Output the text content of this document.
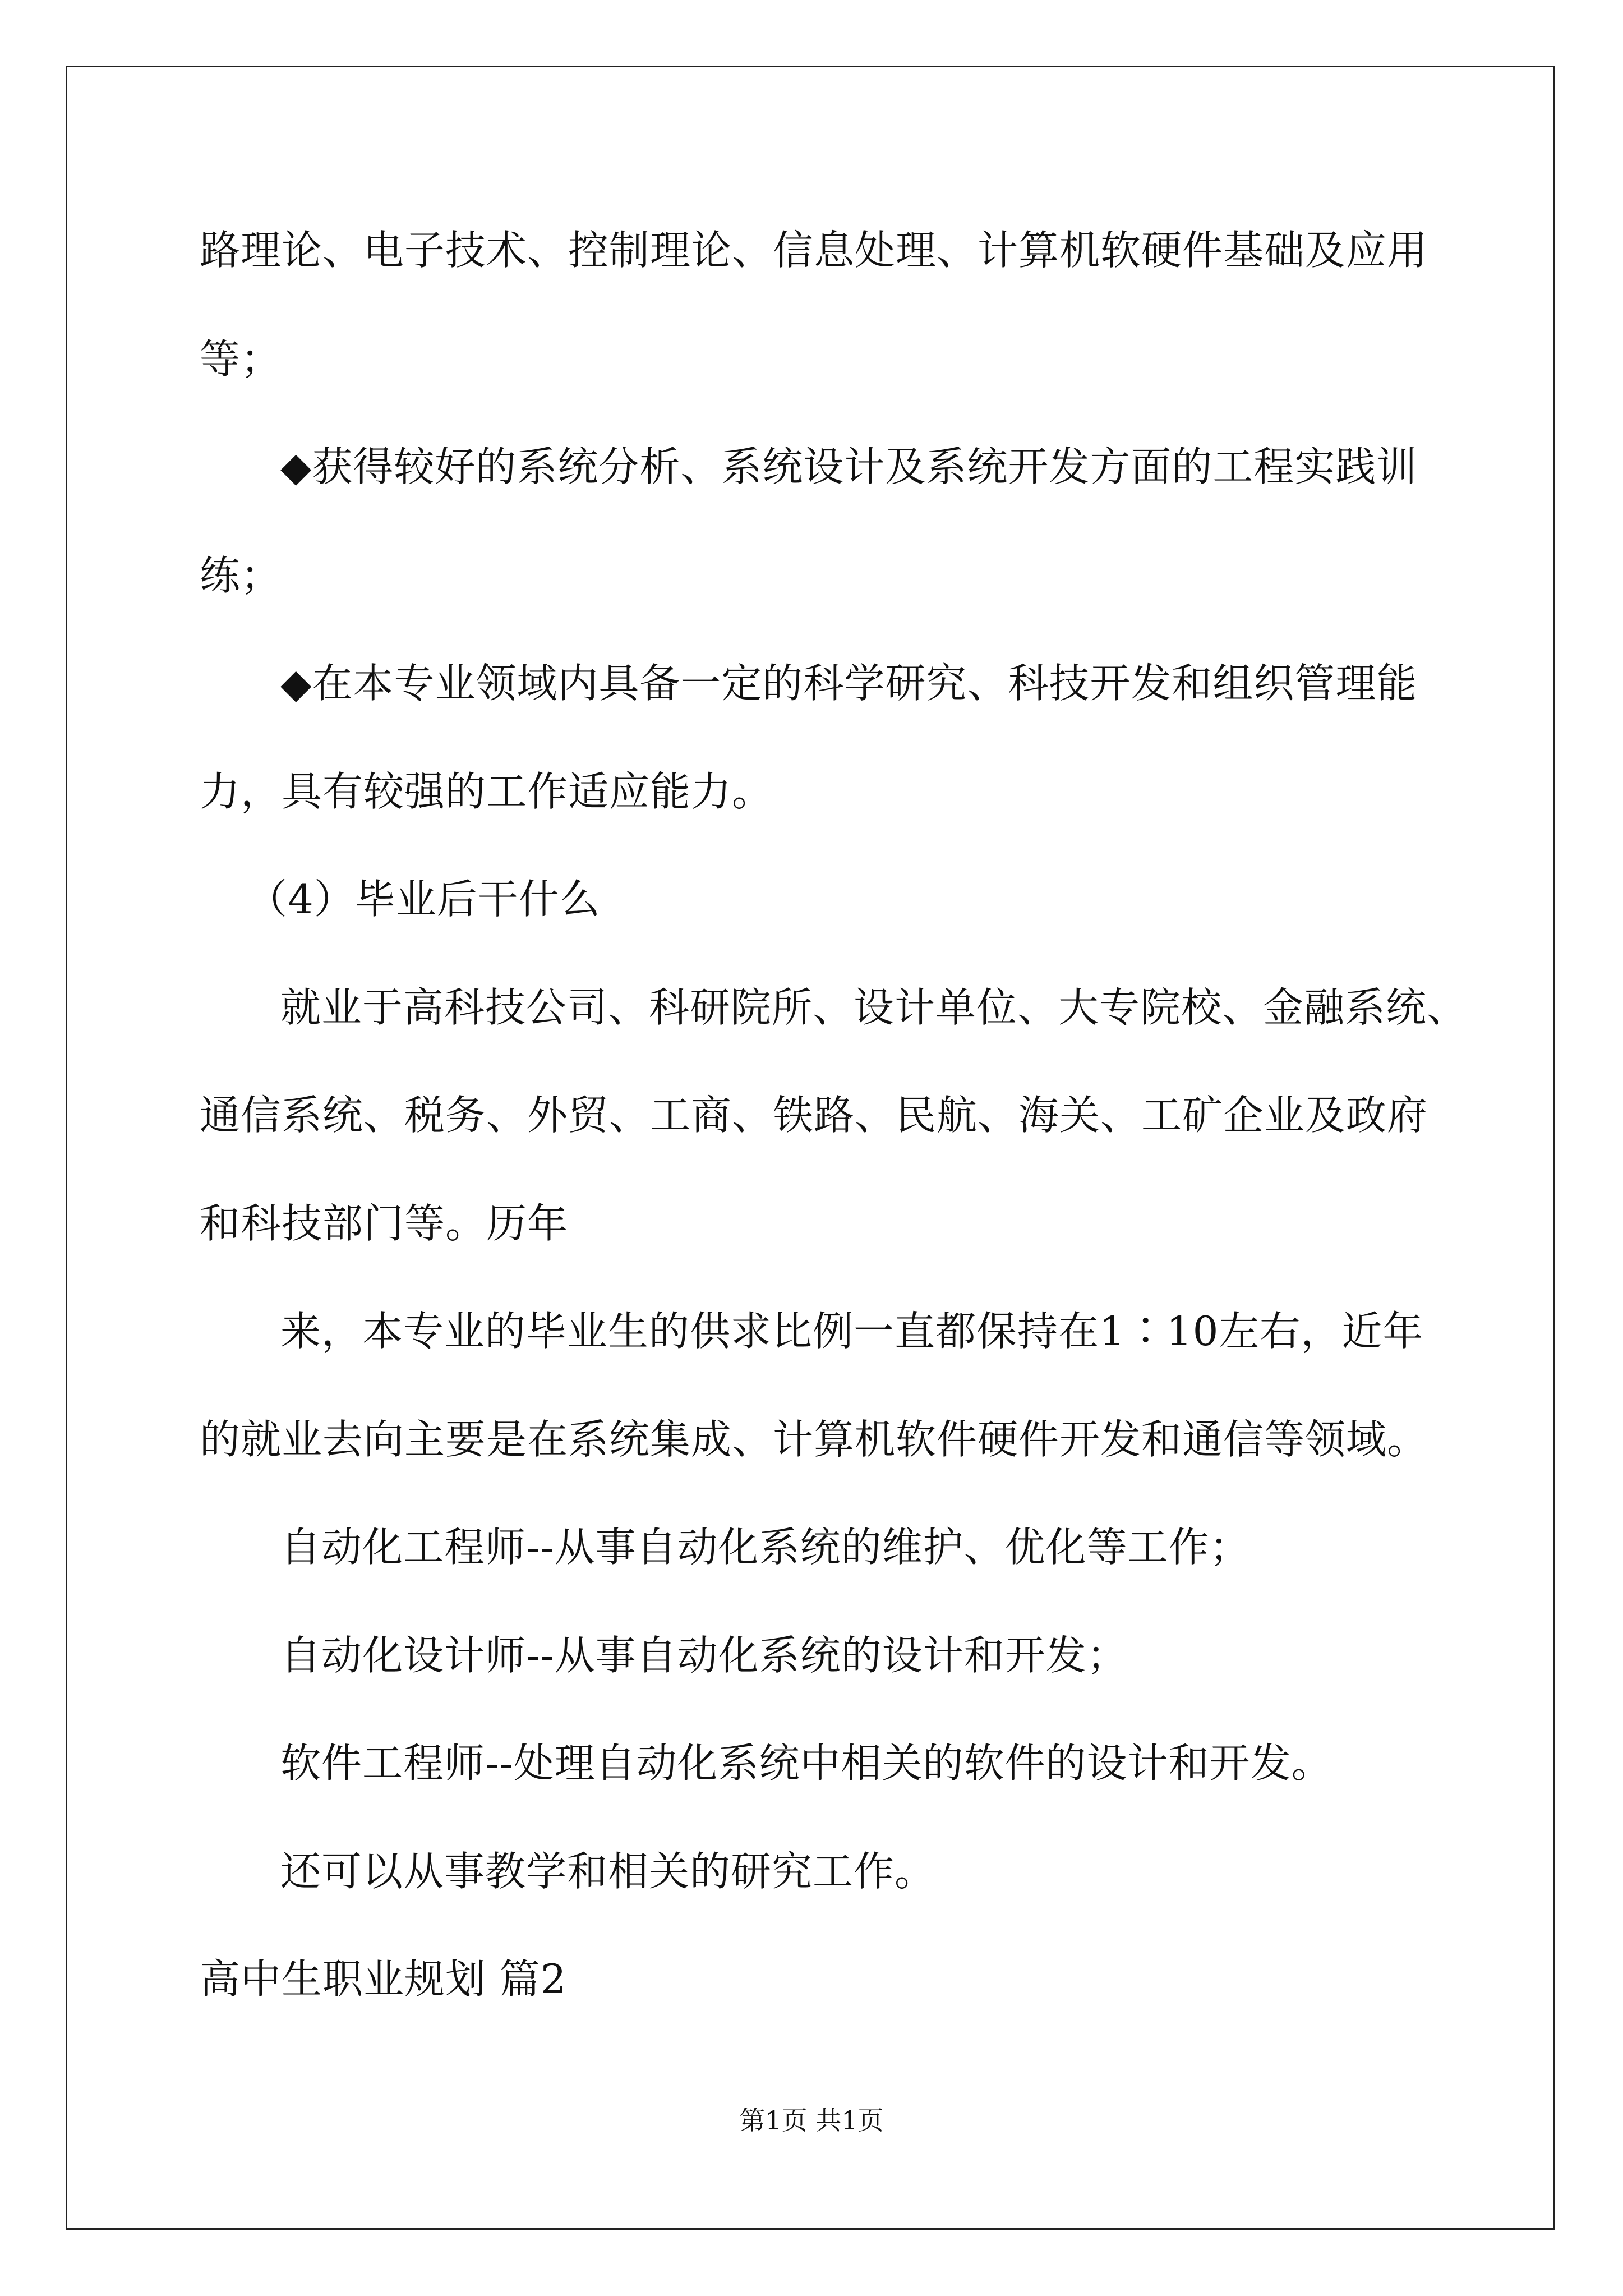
路理论、电子技术、控制理论、信息处理、计算机软硬件基础及应用
等；
◆获得较好的系统分析、系统设计及系统开发方面的工程实践训
练；
◆在本专业领域内具备一定的科学研究、科技开发和组织管理能
力，具有较强的工作适应能力。
（4）毕业后干什么
就业于高科技公司、科研院所、设计单位、大专院校、金融系统、
通信系统、税务、外贸、工商、铁路、民航、海关、工矿企业及政府
和科技部门等。历年
来，本专业的毕业生的供求比例一直都保持在1∶10左右，近年
的就业去向主要是在系统集成、计算机软件硬件开发和通信等领域。
自动化工程师--从事自动化系统的维护、优化等工作；
自动化设计师--从事自动化系统的设计和开发；
软件工程师--处理自动化系统中相关的软件的设计和开发。
还可以从事教学和相关的研究工作。
高中生职业规划 篇2
第1页 共1页
